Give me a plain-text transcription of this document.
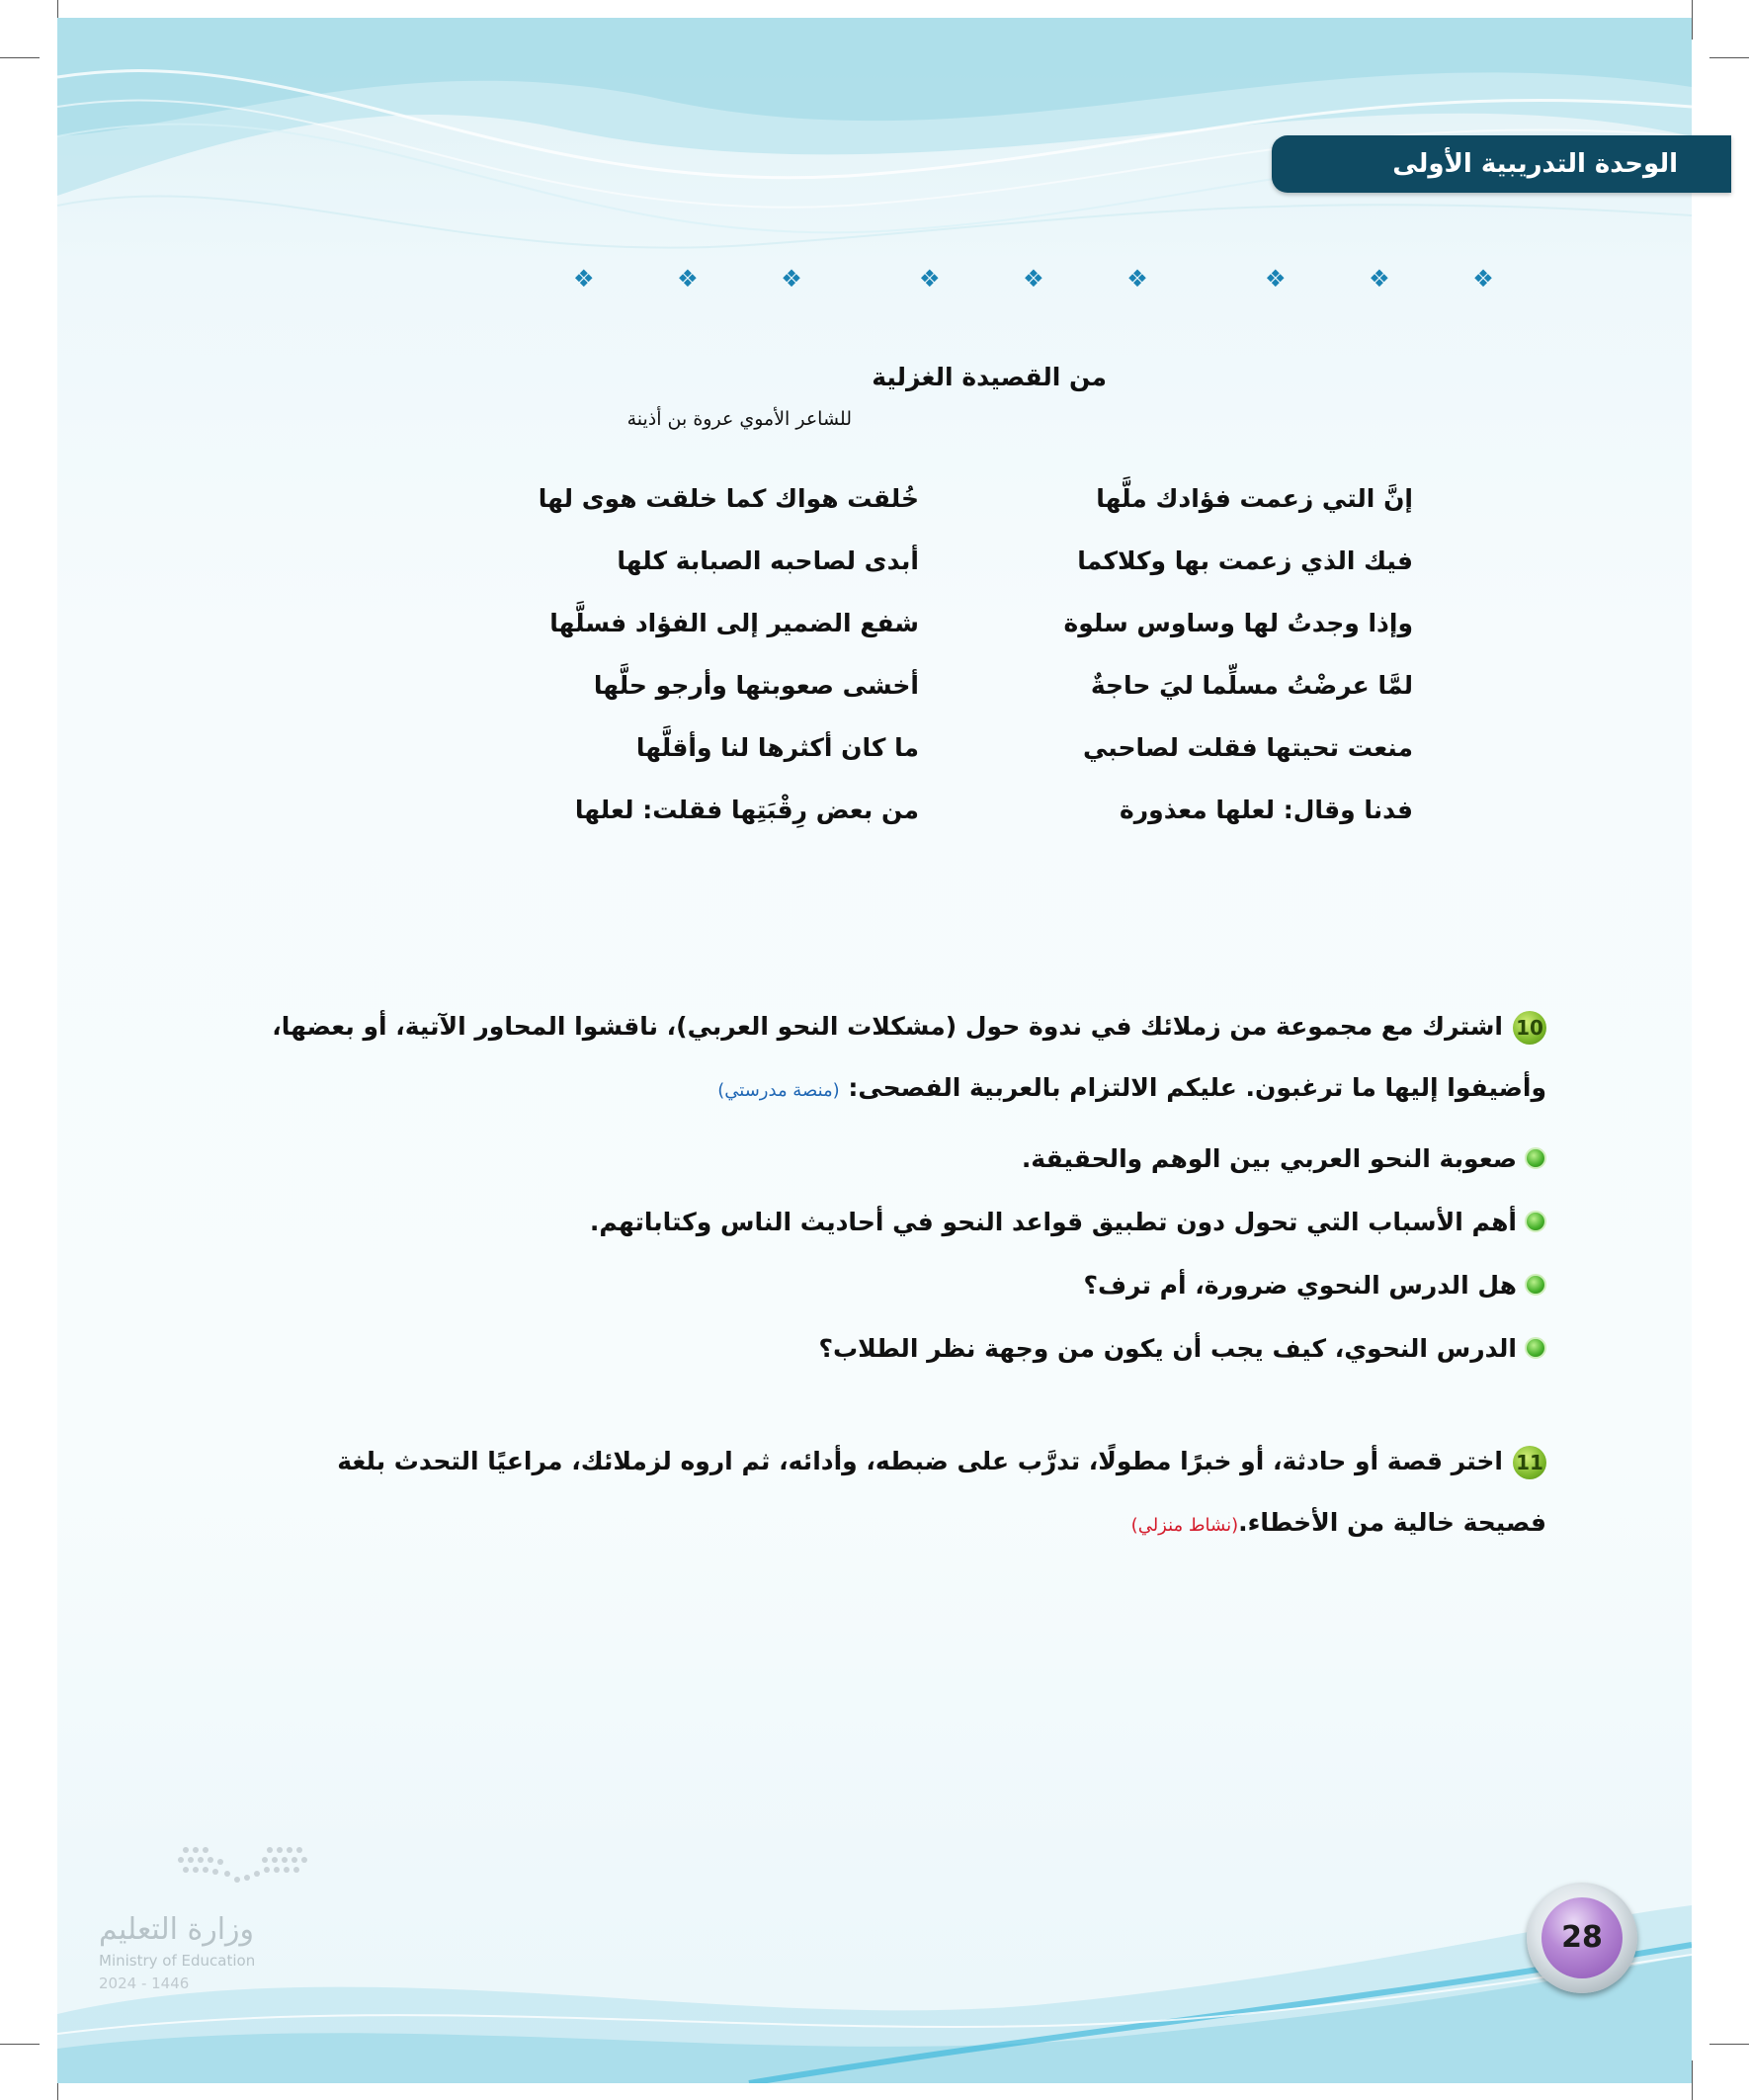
الوحدة التدريبية الأولى
❖ ❖ ❖	❖ ❖ ❖	❖ ❖ ❖
من القصيدة الغزلية
للشاعر الأموي عروة بن أذينة
إنَّ التي زعمت فؤادك ملَّها
خُلقت هواك كما خلقت هوى لها
فيك الذي زعمت بها وكلاكما
أبدى لصاحبه الصبابة كلها
وإذا وجدتُ لها وساوس سلوة
شفع الضمير إلى الفؤاد فسلَّها
لمَّا عرضْتُ مسلِّما ليَ حاجةٌ
أخشى صعوبتها وأرجو حلَّها
منعت تحيتها فقلت لصاحبي
ما كان أكثرها لنا وأقلَّها
فدنا وقال: لعلها معذورة
من بعض رِقْبَتِها فقلت: لعلها
10اشترك مع مجموعة من زملائك في ندوة حول (مشكلات النحو العربي)، ناقشوا المحاور الآتية، أو بعضها، وأضيفوا إليها ما ترغبون. عليكم الالتزام بالعربية الفصحى: (منصة مدرستي)
صعوبة النحو العربي بين الوهم والحقيقة.
أهم الأسباب التي تحول دون تطبيق قواعد النحو في أحاديث الناس وكتاباتهم.
هل الدرس النحوي ضرورة، أم ترف؟
الدرس النحوي، كيف يجب أن يكون من وجهة نظر الطلاب؟
11اختر قصة أو حادثة، أو خبرًا مطولًا، تدرَّب على ضبطه، وأدائه، ثم اروه لزملائك، مراعيًا التحدث بلغة فصيحة خالية من الأخطاء.(نشاط منزلي)
وزارة التعليم
Ministry of Education
2024 - 1446
28
